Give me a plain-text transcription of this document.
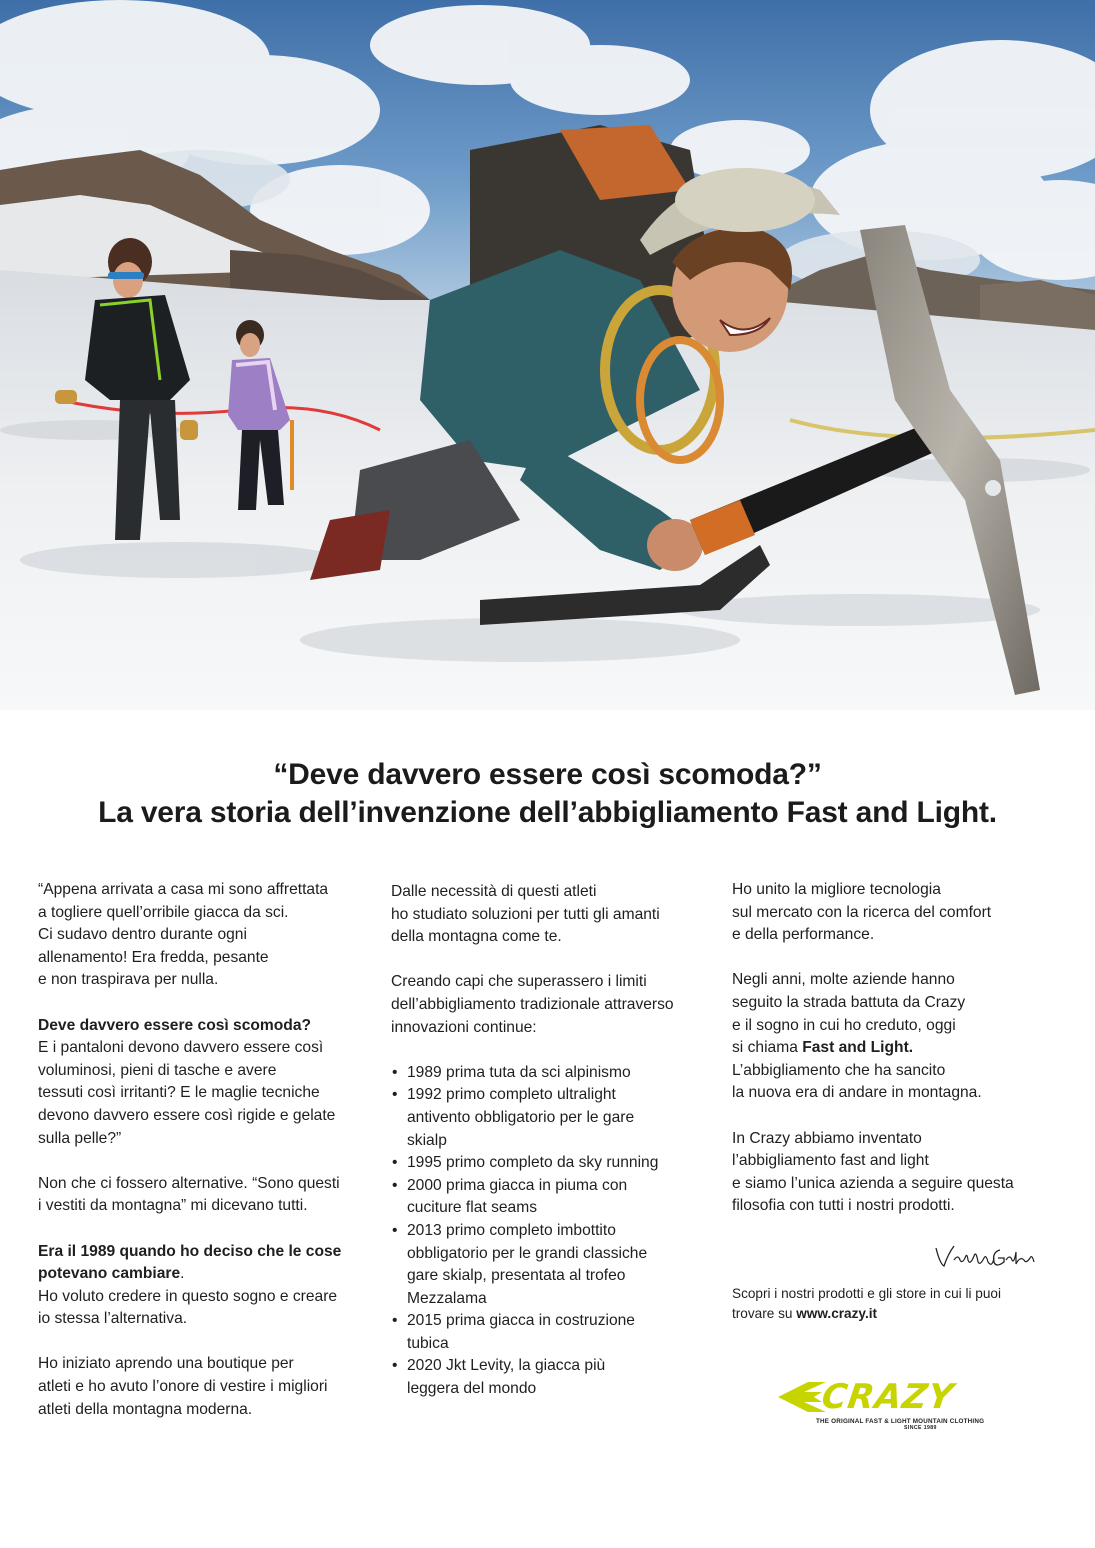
“Deve davvero essere così scomoda?”
La vera storia dell’invenzione dell’abbigliamento Fast and Light.

“Appena arrivata a casa mi sono affrettata
a togliere quell’orribile giacca da sci.
Ci sudavo dentro durante ogni
allenamento! Era fredda, pesante
e non traspirava per nulla.

Deve davvero essere così scomoda?
E i pantaloni devono davvero essere così
voluminosi, pieni di tasche e avere
tessuti così irritanti? E le maglie tecniche
devono davvero essere così rigide e gelate
sulla pelle?”

Non che ci fossero alternative. “Sono questi
i vestiti da montagna” mi dicevano tutti.

Era il 1989 quando ho deciso che le cose
potevano cambiare.
Ho voluto credere in questo sogno e creare
io stessa l’alternativa.

Ho iniziato aprendo una boutique per
atleti e ho avuto l’onore di vestire i migliori
atleti della montagna moderna.

Dalle necessità di questi atleti
ho studiato soluzioni per tutti gli amanti
della montagna come te.

Creando capi che superassero i limiti
dell’abbigliamento tradizionale attraverso
innovazioni continue:

• 1989 prima tuta da sci alpinismo
• 1992 primo completo ultralight
antivento obbligatorio per le gare
skialp
• 1995 primo completo da sky running
• 2000 prima giacca in piuma con
cuciture flat seams
• 2013 primo completo imbottito
obbligatorio per le grandi classiche
gare skialp, presentata al trofeo
Mezzalama
• 2015 prima giacca in costruzione
tubica
• 2020 Jkt Levity, la giacca più
leggera del mondo

Ho unito la migliore tecnologia
sul mercato con la ricerca del comfort
e della performance.

Negli anni, molte aziende hanno
seguito la strada battuta da Crazy
e il sogno in cui ho creduto, oggi
si chiama Fast and Light.
L’abbigliamento che ha sancito
la nuova era di andare in montagna.

In Crazy abbiamo inventato
l’abbigliamento fast and light
e siamo l’unica azienda a seguire questa
filosofia con tutti i nostri prodotti.

Scopri i nostri prodotti e gli store in cui li puoi
trovare su www.crazy.it
CRAZY
THE ORIGINAL FAST & LIGHT MOUNTAIN CLOTHING
SINCE 1989
